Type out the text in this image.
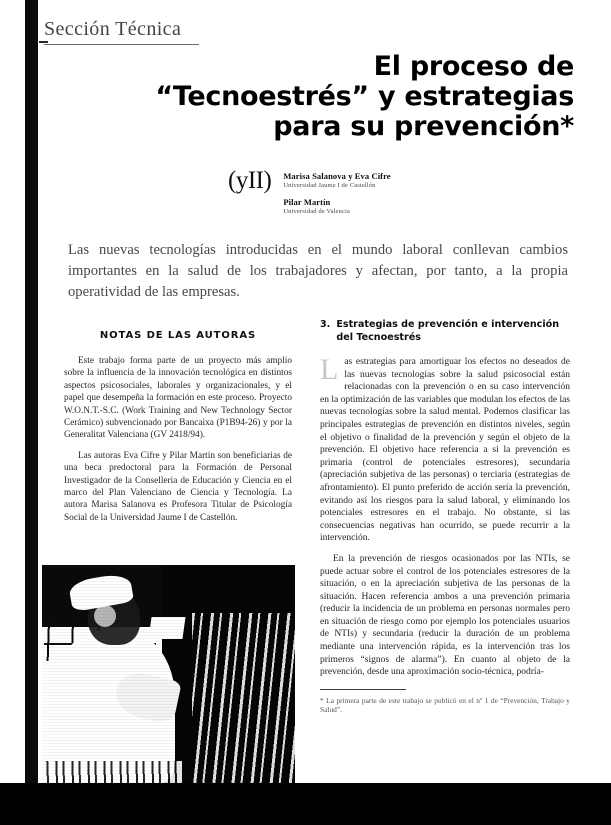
Sección Técnica
El proceso de
“Tecnoestrés” y estrategias
para su prevención*
(yII) Marisa Salanova y Eva Cifre
Universidad Jaume I de Castellón
Pilar Martín
Universidad de Valencia
Las nuevas tecnologías introducidas en el mundo laboral conllevan cambios importantes en la salud de los trabajadores y afectan, por tanto, a la propia operatividad de las empresas.
NOTAS DE LAS AUTORAS
Este trabajo forma parte de un proyecto más amplio sobre la influencia de la innovación tecnológica en distintos aspectos psicosociales, laborales y organizacionales, y el papel que desempeña la formación en este proceso. Proyecto W.O.N.T.-S.C. (Work Training and New Technology Sector Cerámico) subvencionado por Bancaixa (P1B94-26) y por la Generalitat Valenciana (GV 2418/94).
Las autoras Eva Cifre y Pilar Martín son beneficiarias de una beca predoctoral para la Formación de Personal Investigador de la Conselleria de Educación y Ciencia en el marco del Plan Valenciano de Ciencia y Tecnología. La autora Marisa Salanova es Profesora Titular de Psicología Social de la Universidad Jaume I de Castellón.
3. Estrategias de prevención e intervención del Tecnoestrés
L as estrategias para amortiguar los efectos no deseados de las nuevas tecnologías sobre la salud psicosocial están relacionadas con la prevención o en su caso intervención en la optimización de las variables que modulan los efectos de las nuevas tecnologías sobre la salud mental. Podemos clasificar las principales estrategias de prevención en distintos niveles, según el objetivo o finalidad de la prevención y según el objeto de la prevención. El objetivo hace referencia a si la prevención es primaria (control de potenciales estresores), secundaria (apreciación subjetiva de las personas) o terciaria (estrategias de afrontamiento). El punto preferido de acción sería la prevención, evitando así los riesgos para la salud laboral, y eliminando los potenciales estresores en el trabajo. No obstante, si las consecuencias negativas han ocurrido, se puede recurrir a la intervención.
En la prevención de riesgos ocasionados por las NTIs, se puede actuar sobre el control de los potenciales estresores de la situación, o en la apreciación subjetiva de las personas de la situación. Hacen referencia ambos a una prevención primaria (reducir la incidencia de un problema en personas normales pero en situación de riesgo como por ejemplo los potenciales usuarios de NTIs) y secundaria (reducir la duración de un problema mediante una intervención rápida, es la intervención tras los primeros “signos de alarma”). En cuanto al objeto de la prevención, desde una aproximación socio-técnica, podría-
* La primera parte de este trabajo se publicó en el nº 1 de “Prevención, Trabajo y Salud”.
